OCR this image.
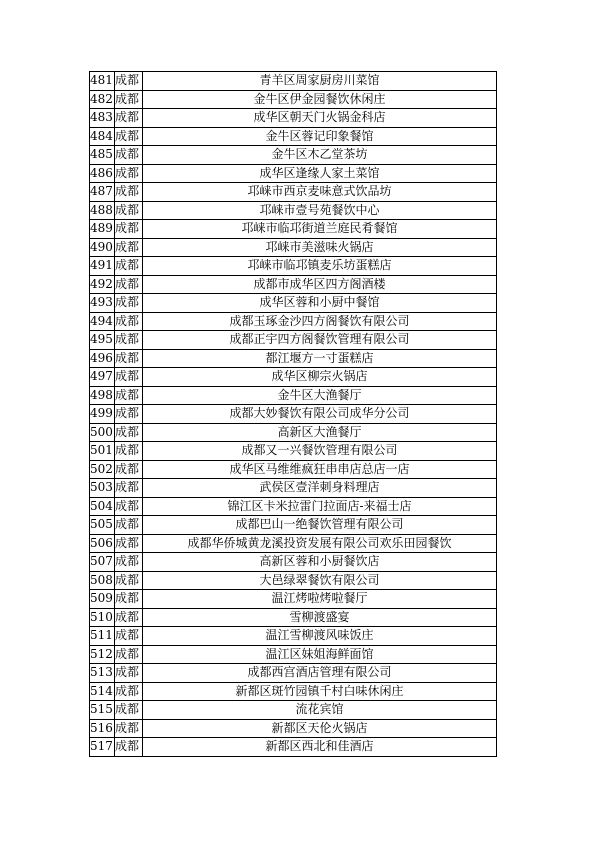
481	成都	青羊区周家厨房川菜馆
482	成都	金牛区伊金园餐饮休闲庄
483	成都	成华区朝天门火锅金科店
484	成都	金牛区蓉记印象餐馆
485	成都	金牛区木乙堂茶坊
486	成都	成华区逢缘人家土菜馆
487	成都	邛崃市西京麦味意式饮品坊
488	成都	邛崃市壹号苑餐饮中心
489	成都	邛崃市临邛街道兰庭民肴餐馆
490	成都	邛崃市美滋味火锅店
491	成都	邛崃市临邛镇麦乐坊蛋糕店
492	成都	成都市成华区四方阁酒楼
493	成都	成华区蓉和小厨中餐馆
494	成都	成都玉琢金沙四方阁餐饮有限公司
495	成都	成都正宇四方阁餐饮管理有限公司
496	成都	都江堰方一寸蛋糕店
497	成都	成华区柳宗火锅店
498	成都	金牛区大渔餐厅
499	成都	成都大妙餐饮有限公司成华分公司
500	成都	高新区大渔餐厅
501	成都	成都又一兴餐饮管理有限公司
502	成都	成华区马维维疯狂串串店总店一店
503	成都	武侯区壹洋刺身料理店
504	成都	锦江区卡米拉雷门拉面店-来福士店
505	成都	成都巴山一绝餐饮管理有限公司
506	成都	成都华侨城黄龙溪投资发展有限公司欢乐田园餐饮
507	成都	高新区蓉和小厨餐饮店
508	成都	大邑绿翠餐饮有限公司
509	成都	温江烤啦烤啦餐厅
510	成都	雪柳渡盛宴
511	成都	温江雪柳渡风味饭庄
512	成都	温江区妹姐海鲜面馆
513	成都	成都西宫酒店管理有限公司
514	成都	新都区斑竹园镇千村白味休闲庄
515	成都	流花宾馆
516	成都	新都区天伦火锅店
517	成都	新都区西北和佳酒店
